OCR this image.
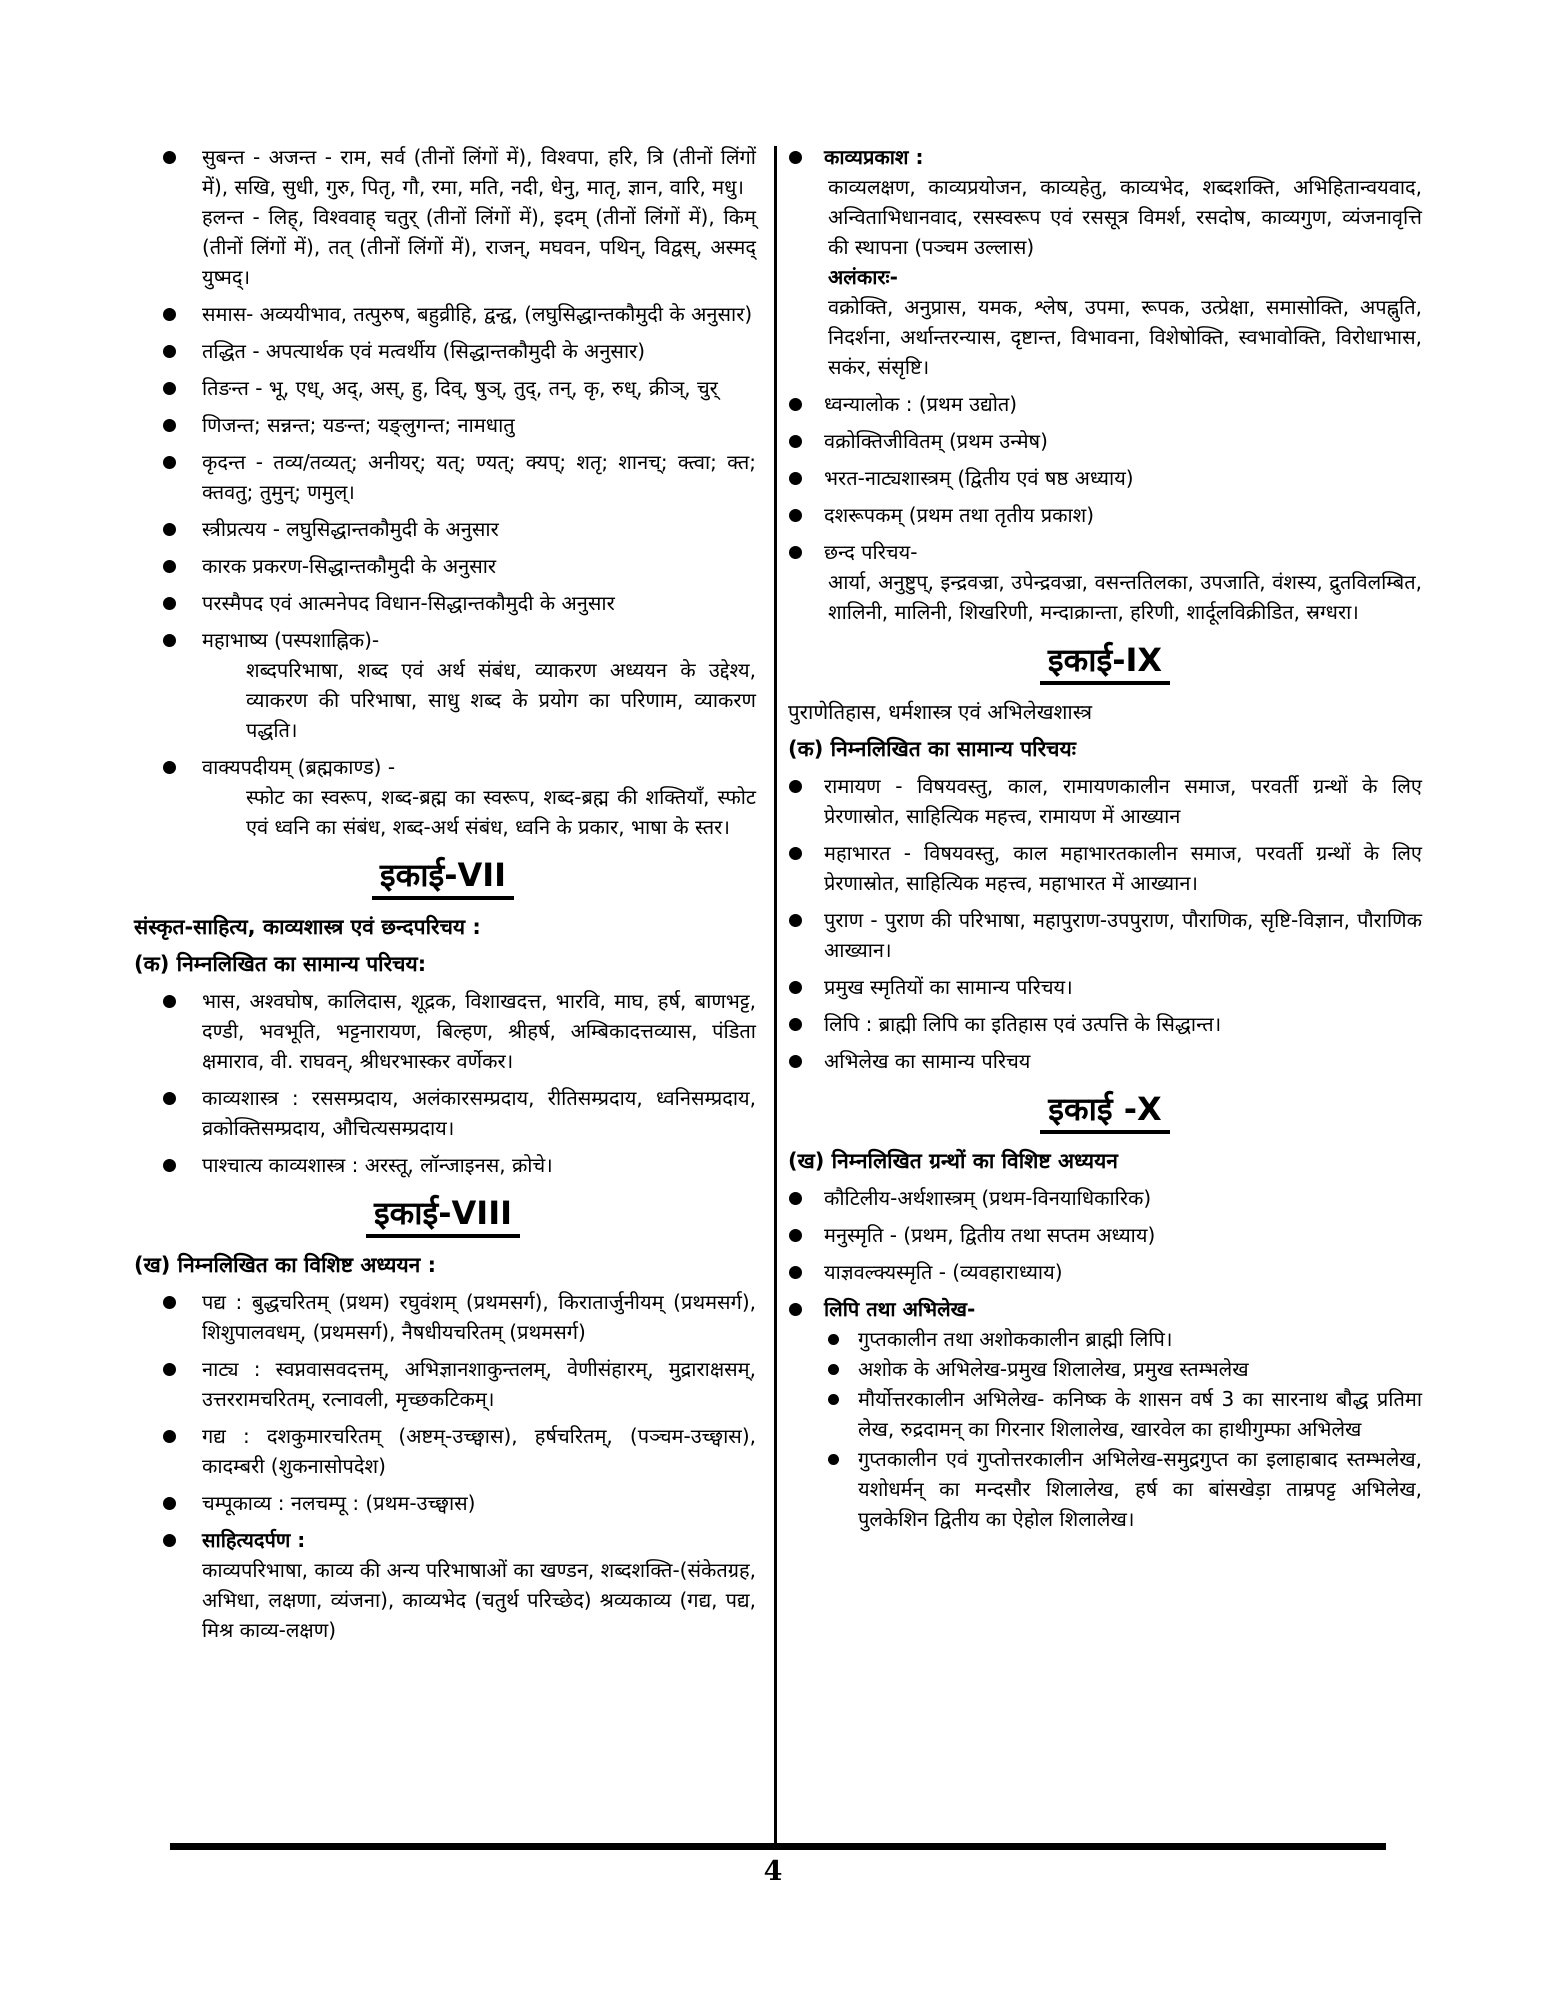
सुबन्त - अजन्त - राम, सर्व (तीनों लिंगों में), विश्वपा, हरि, त्रि (तीनों लिंगों में), सखि, सुधी, गुरु, पितृ, गौ, रमा, मति, नदी, धेनु, मातृ, ज्ञान, वारि, मधु।
हलन्त - लिह्, विश्ववाह् चतुर् (तीनों लिंगों में), इदम् (तीनों लिंगों में), किम् (तीनों लिंगों में), तत् (तीनों लिंगों में), राजन्, मघवन, पथिन्, विद्वस्, अस्मद् युष्मद्।
समास- अव्ययीभाव, तत्पुरुष, बहुव्रीहि, द्वन्द्व, (लघुसिद्धान्तकौमुदी के अनुसार)
तद्धित - अपत्यार्थक एवं मत्वर्थीय (सिद्धान्तकौमुदी के अनुसार)
तिङन्त - भू, एध्, अद्, अस्, हु, दिव्, षुञ्, तुद्, तन्, कृ, रुध्, क्रीञ्, चुर्
णिजन्त; सन्नन्त; यङन्त; यङ्लुगन्त; नामधातु
कृदन्त - तव्य/तव्यत्; अनीयर्; यत्; ण्यत्; क्यप्; शतृ; शानच्; क्त्वा; क्त; क्तवतु; तुमुन्; णमुल्।
स्त्रीप्रत्यय - लघुसिद्धान्तकौमुदी के अनुसार
कारक प्रकरण-सिद्धान्तकौमुदी के अनुसार
परस्मैपद एवं आत्मनेपद विधान-सिद्धान्तकौमुदी के अनुसार
महाभाष्य (पस्पशाह्निक)-
शब्दपरिभाषा, शब्द एवं अर्थ संबंध, व्याकरण अध्ययन के उद्देश्य, व्याकरण की परिभाषा, साधु शब्द के प्रयोग का परिणाम, व्याकरण पद्धति।
वाक्यपदीयम् (ब्रह्मकाण्ड) -
स्फोट का स्वरूप, शब्द-ब्रह्म का स्वरूप, शब्द-ब्रह्म की शक्तियाँ, स्फोट एवं ध्वनि का संबंध, शब्द-अर्थ संबंध, ध्वनि के प्रकार, भाषा के स्तर।
इकाई-VII
संस्कृत-साहित्य, काव्यशास्त्र एवं छन्दपरिचय :
(क) निम्नलिखित का सामान्य परिचय:
भास, अश्वघोष, कालिदास, शूद्रक, विशाखदत्त, भारवि, माघ, हर्ष, बाणभट्ट, दण्डी, भवभूति, भट्टनारायण, बिल्हण, श्रीहर्ष, अम्बिकादत्तव्यास, पंडिता क्षमाराव, वी. राघवन्, श्रीधरभास्कर वर्णेकर।
काव्यशास्त्र : रससम्प्रदाय, अलंकारसम्प्रदाय, रीतिसम्प्रदाय, ध्वनिसम्प्रदाय, व्रकोक्तिसम्प्रदाय, औचित्यसम्प्रदाय।
पाश्चात्य काव्यशास्त्र : अरस्तू, लॉन्जाइनस, क्रोचे।
इकाई-VIII
(ख) निम्नलिखित का विशिष्ट अध्ययन :
पद्य : बुद्धचरितम् (प्रथम) रघुवंशम् (प्रथमसर्ग), किरातार्जुनीयम् (प्रथमसर्ग), शिशुपालवधम्, (प्रथमसर्ग), नैषधीयचरितम् (प्रथमसर्ग)
नाट्य : स्वप्नवासवदत्तम्, अभिज्ञानशाकुन्तलम्, वेणीसंहारम्, मुद्राराक्षसम्, उत्तररामचरितम्, रत्नावली, मृच्छकटिकम्।
गद्य : दशकुमारचरितम् (अष्टम्-उच्छ्वास), हर्षचरितम्, (पञ्चम-उच्छ्वास), कादम्बरी (शुकनासोपदेश)
चम्पूकाव्य : नलचम्पू : (प्रथम-उच्छ्वास)
साहित्यदर्पण :
काव्यपरिभाषा, काव्य की अन्य परिभाषाओं का खण्डन, शब्दशक्ति-(संकेतग्रह, अभिधा, लक्षणा, व्यंजना), काव्यभेद (चतुर्थ परिच्छेद) श्रव्यकाव्य (गद्य, पद्य, मिश्र काव्य-लक्षण)
काव्यप्रकाश :
काव्यलक्षण, काव्यप्रयोजन, काव्यहेतु, काव्यभेद, शब्दशक्ति, अभिहितान्वयवाद, अन्विताभिधानवाद, रसस्वरूप एवं रससूत्र विमर्श, रसदोष, काव्यगुण, व्यंजनावृत्ति की स्थापना (पञ्चम उल्लास)
अलंकारः-
वक्रोक्ति, अनुप्रास, यमक, श्लेष, उपमा, रूपक, उत्प्रेक्षा, समासोक्ति, अपह्नुति, निदर्शना, अर्थान्तरन्यास, दृष्टान्त, विभावना, विशेषोक्ति, स्वभावोक्ति, विरोधाभास, सकंर, संसृष्टि।
ध्वन्यालोक : (प्रथम उद्योत)
वक्रोक्तिजीवितम् (प्रथम उन्मेष)
भरत-नाट्यशास्त्रम् (द्वितीय एवं षष्ठ अध्याय)
दशरूपकम् (प्रथम तथा तृतीय प्रकाश)
छन्द परिचय-
आर्या, अनुष्टुप्, इन्द्रवज्रा, उपेन्द्रवज्रा, वसन्ततिलका, उपजाति, वंशस्य, द्रुतविलम्बित, शालिनी, मालिनी, शिखरिणी, मन्दाक्रान्ता, हरिणी, शार्दूलविक्रीडित, स्रग्धरा।
इकाई-IX
पुराणेतिहास, धर्मशास्त्र एवं अभिलेखशास्त्र
(क) निम्नलिखित का सामान्य परिचयः
रामायण - विषयवस्तु, काल, रामायणकालीन समाज, परवर्ती ग्रन्थों के लिए प्रेरणास्रोत, साहित्यिक महत्त्व, रामायण में आख्यान
महाभारत - विषयवस्तु, काल महाभारतकालीन समाज, परवर्ती ग्रन्थों के लिए प्रेरणास्रोत, साहित्यिक महत्त्व, महाभारत में आख्यान।
पुराण - पुराण की परिभाषा, महापुराण-उपपुराण, पौराणिक, सृष्टि-विज्ञान, पौराणिक आख्यान।
प्रमुख स्मृतियों का सामान्य परिचय।
लिपि : ब्राह्मी लिपि का इतिहास एवं उत्पत्ति के सिद्धान्त।
अभिलेख का सामान्य परिचय
इकाई -X
(ख) निम्नलिखित ग्रन्थों का विशिष्ट अध्ययन
कौटिलीय-अर्थशास्त्रम् (प्रथम-विनयाधिकारिक)
मनुस्मृति - (प्रथम, द्वितीय तथा सप्तम अध्याय)
याज्ञवल्क्यस्मृति - (व्यवहाराध्याय)
लिपि तथा अभिलेख-
गुप्तकालीन तथा अशोककालीन ब्राह्मी लिपि।
अशोक के अभिलेख-प्रमुख शिलालेख, प्रमुख स्तम्भलेख
मौर्योत्तरकालीन अभिलेख- कनिष्क के शासन वर्ष 3 का सारनाथ बौद्ध प्रतिमा लेख, रुद्रदामन् का गिरनार शिलालेख, खारवेल का हाथीगुम्फा अभिलेख
गुप्तकालीन एवं गुप्तोत्तरकालीन अभिलेख-समुद्रगुप्त का इलाहाबाद स्तम्भलेख, यशोधर्मन् का मन्दसौर शिलालेख, हर्ष का बांसखेड़ा ताम्रपट्ट अभिलेख, पुलकेशिन द्वितीय का ऐहोल शिलालेख।
4
